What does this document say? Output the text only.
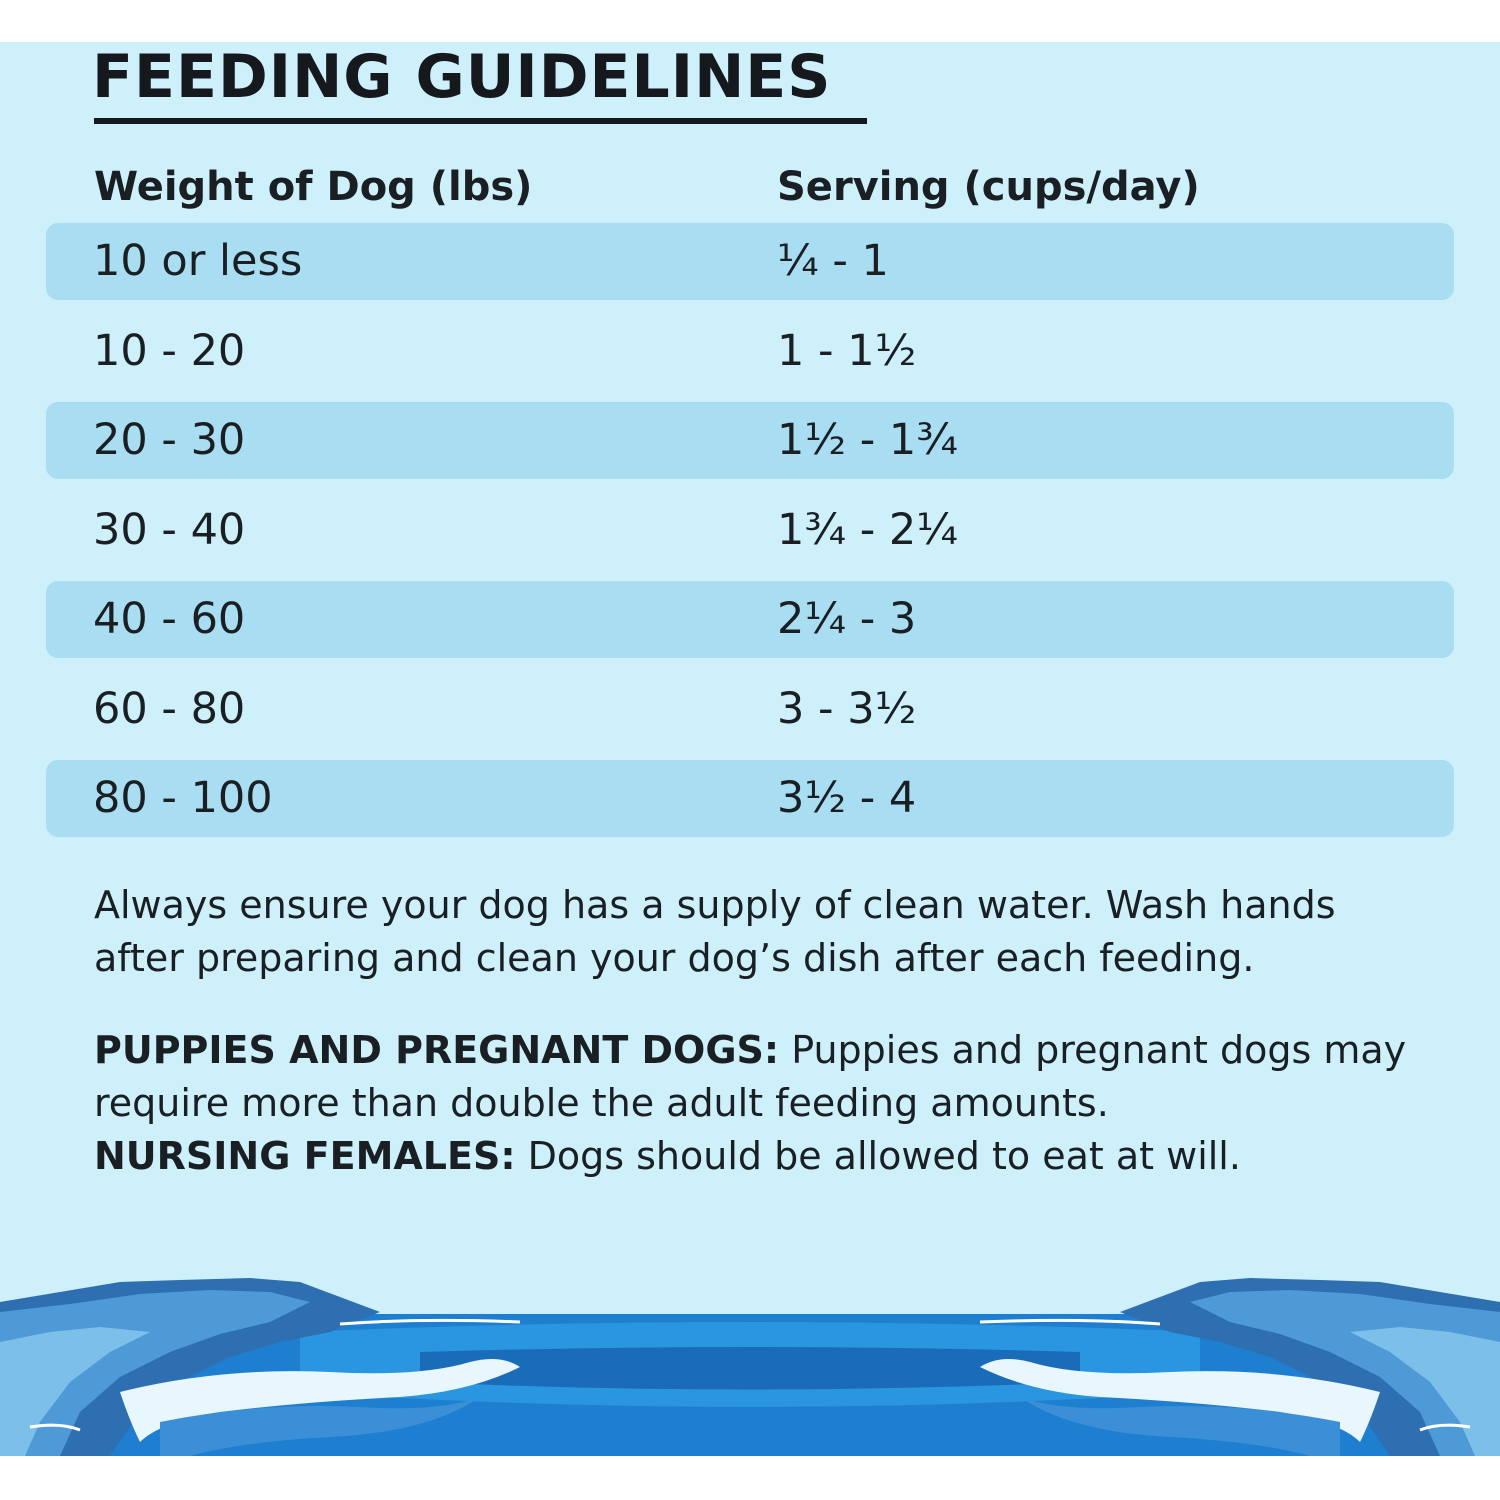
FEEDING GUIDELINES
Weight of Dog (lbs)	Serving (cups/day)
10 or less	¼ - 1
10 - 20	1 - 1½
20 - 30	1½ - 1¾
30 - 40	1¾ - 2¼
40 - 60	2¼ - 3
60 - 80	3 - 3½
80 - 100	3½ - 4
Always ensure your dog has a supply of clean water. Wash hands after preparing and clean your dog’s dish after each feeding.
PUPPIES AND PREGNANT DOGS: Puppies and pregnant dogs may require more than double the adult feeding amounts.
NURSING FEMALES: Dogs should be allowed to eat at will.
